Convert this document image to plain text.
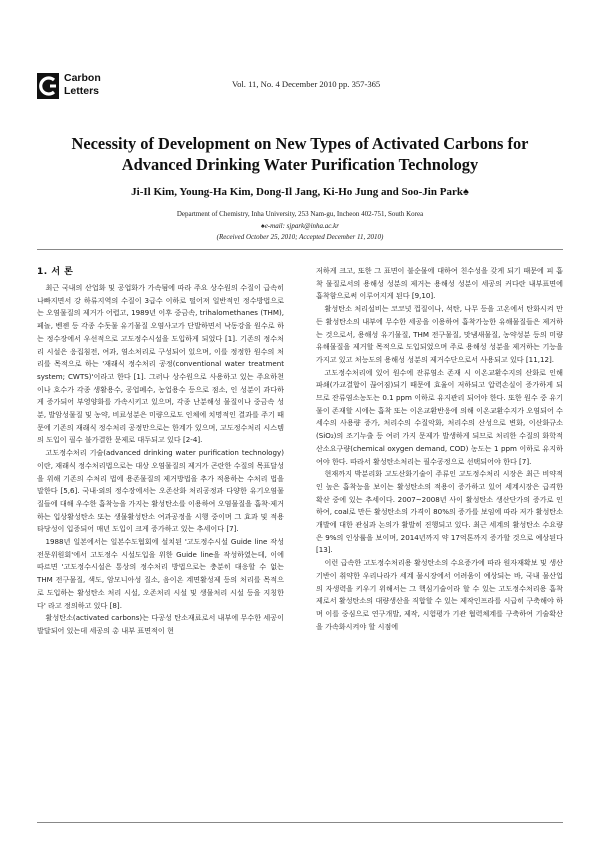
Carbon
Letters
Vol. 11, No. 4 December 2010 pp. 357-365
Necessity of Development on New Types of Activated Carbons for
Advanced Drinking Water Purification Technology
Ji-Il Kim, Young-Ha Kim, Dong-Il Jang, Ki-Ho Jung and Soo-Jin Park♠
Department of Chemistry, Inha University, 253 Nam-gu, Incheon 402-751, South Korea
♠e-mail: sjpark@inha.ac.kr
(Received October 25, 2010; Accepted December 11, 2010)
1. 서 론

최근 국내의 산업화 및 공업화가 가속됨에 따라 주요 상수원의 수질이 급속히 나빠지면서 강 하류지역의 수질이 3급수 이하로 떨어져 일반적인 정수방법으로는 오염물질의 제거가 어렵고, 1989년 이후 중금속, trihalomethanes (THM), 페놀, 벤젠 등 각종 수돗물 유기물질 오염사고가 단발하면서 낙동강을 원수로 하는 정수장에서 우선적으로 고도정수시설을 도입하게 되었다 [1]. 기존의 정수처리 시설은 응집침전, 여과, 염소처리로 구성되어 있으며, 이를 정정한 원수의 처리를 목적으로 하는 '재래식 정수처리 공정(conventional water treatment system; CWTS)'이라고 한다 [1]. 그러나 상수원으로 사용하고 있는 주요하천이나 호수가 각종 생활용수, 공업폐수, 농업용수 등으로 점소, 인 성분이 과다하게 증가되어 부영양화를 가속시키고 있으며, 각종 난분해성 물질이나 중금속 성분, 발암성물질 및 농약, 비료성분은 미량으로도 인체에 치명적인 결과를 주기 때문에 기존의 재래식 정수처리 공정만으로는 한계가 있으며, 고도정수처리 시스템의 도입이 필수 불가결한 문제로 대두되고 있다 [2-4].

고도정수처리 기술(advanced drinking water purification technology)이란, 재래식 정수처리법으로는 대상 오염물질의 제거가 곤란한 수질의 목표달성을 위해 기존의 수처리 법에 용존물질의 제거방법을 추가 적용하는 수처리 법을 말한다 [5,6]. 국내·외의 정수장에서는 오존산화 처리공정과 다양한 유기오염물질들에 대해 우수한 흡착능을 가지는 활성탄소를 이용하여 오염물질을 흡착·제거하는 입상활성탄소 또는 생물활성탄소 여과공정을 시행 중이며 그 효과 및 적용 타당성이 입증되어 매년 도입이 크게 증가하고 있는 추세이다 [7].

1988년 일본에서는 일본수도협회에 설치된 '고도정수시설 Guide line 작성 전문위원회'에서 고도정수 시설도입을 위한 Guide line을 작성하였는데, 이에 따르면 '고도정수시설은 통상의 정수처리 방법으로는 충분히 대응할 수 없는 THM 전구물질, 색도, 암모니아성 질소, 음이온 계면활성제 등의 처리를 목적으로 도입하는 활성탄소 처리 시설, 오존처리 시설 및 생물처리 시설 등을 지칭한다' 라고 정의하고 있다 [8].

활성탄소(activated carbons)는 다공성 탄소재료로서 내부에 무수한 세공이 발달되어 있는데 세공의 총 내부 표면적이 현

저하게 크고, 또한 그 표면이 불순물에 대하여 친수성을 갖게 되기 때문에 피 흡착 물질로서의 용해성 성분의 제거는 용해성 성분이 세공의 커다란 내부표면에 흡착함으로써 이루어지게 된다 [9,10].

활성탄소 처리설비는 코코넛 껍질이나, 석탄, 나무 등을 고온에서 탄화시켜 만든 활성탄소의 내부에 무수한 세공을 이용하여 흡착가능한 유해물질들은 제거하는 것으로서, 용해성 유기물질, THM 전구물질, 맛냄새물질, 농약성분 등의 미량 유해물질을 제거할 목적으로 도입되었으며 주로 용해성 성분을 제거하는 기능을 가지고 있고 처능도의 용해성 성분의 제거수단으로서 사용되고 있다 [11,12].

고도정수처리에 있어 원수에 잔류염소 존재 시 이온교환수지의 산화로 인해 파쇄(가교결합이 끊어짐)되기 때문에 효율이 저하되고 압력손실이 증가하게 되므로 잔류염소농도는 0.1 ppm 이하로 유지관리 되어야 한다. 또한 원수 중 유기물이 존재할 시에는 흡착 또는 이온교환반응에 의해 이온교환수지가 오염되어 수세수의 사용량 증가, 처리수의 수질악화, 처리수의 산성으로 변화, 이산화규소(SiO₂)의 조기누출 등 여러 가지 문제가 발생하게 되므로 처리한 수질의 화학적 산소요구량(chemical oxygen demand, COD) 농도는 1 ppm 이하로 유지하여야 한다. 따라서 활성탄소처리는 필수공정으로 선택되어야 한다 [7].

현재까지 박분리화 고도산화기술이 주류인 고도정수처리 시장은 최근 비약적인 높은 흡착능을 보이는 활성탄소의 적용이 증가하고 있어 세계시장은 급격한 확산 중에 있는 추세이다. 2007~2008년 사이 활성탄소 생산단가의 증가로 인하여, coal로 만든 활성탄소의 가격이 80%의 증가를 보임에 따라 저가 활성탄소 개발에 대한 관심과 논의가 활발히 진행되고 있다. 최근 세계의 활성탄소 수요량은 9%의 인상률을 보이며, 2014년까지 약 17억톤까지 증가할 것으로 예상된다 [13].

이런 급속한 고도정수처리용 활성탄소의 수요증가에 따라 원자재확보 및 생산기반이 취약한 우리나라가 세계 물시장에서 어려움이 예상되는 바, 국내 물산업의 자생력을 키우기 위해서는 그 핵심기술이라 할 수 있는 고도정수처리용 흡착제로서 활성탄소의 대량생산을 직합할 수 있는 제작인프라를 시급히 구축해야 하며 이를 중심으로 연구개발, 제작, 시험평가 기관 협력체계를 구축하여 기술확산을 가속화시켜야 할 시점에
